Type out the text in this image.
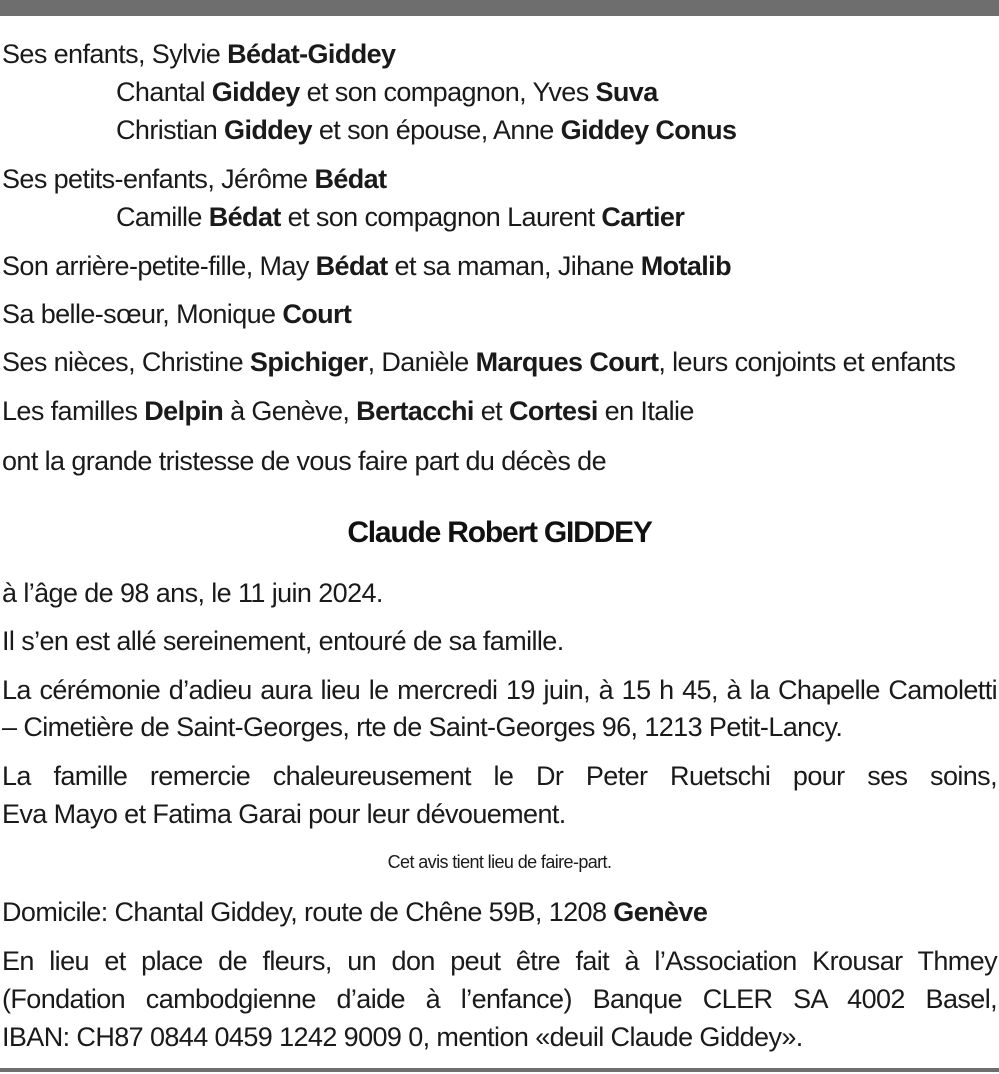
Ses enfants, Sylvie Bédat-Giddey
Chantal Giddey et son compagnon, Yves Suva
Christian Giddey et son épouse, Anne Giddey Conus
Ses petits-enfants, Jérôme Bédat
Camille Bédat et son compagnon Laurent Cartier
Son arrière-petite-fille, May Bédat et sa maman, Jihane Motalib
Sa belle-sœur, Monique Court
Ses nièces, Christine Spichiger, Danièle Marques Court, leurs conjoints et enfants
Les familles Delpin à Genève, Bertacchi et Cortesi en Italie
ont la grande tristesse de vous faire part du décès de
Claude Robert GIDDEY
à l’âge de 98 ans, le 11 juin 2024.
Il s’en est allé sereinement, entouré de sa famille.
La cérémonie d’adieu aura lieu le mercredi 19 juin, à 15 h 45, à la Chapelle Camoletti
– Cimetière de Saint-Georges, rte de Saint-Georges 96, 1213 Petit-Lancy.
La famille remercie chaleureusement le Dr Peter Ruetschi pour ses soins,
Eva Mayo et Fatima Garai pour leur dévouement.
Cet avis tient lieu de faire-part.
Domicile: Chantal Giddey, route de Chêne 59B, 1208 Genève
En lieu et place de fleurs, un don peut être fait à l’Association Krousar Thmey
(Fondation cambodgienne d’aide à l’enfance) Banque CLER SA 4002 Basel,
IBAN: CH87 0844 0459 1242 9009 0, mention «deuil Claude Giddey».
